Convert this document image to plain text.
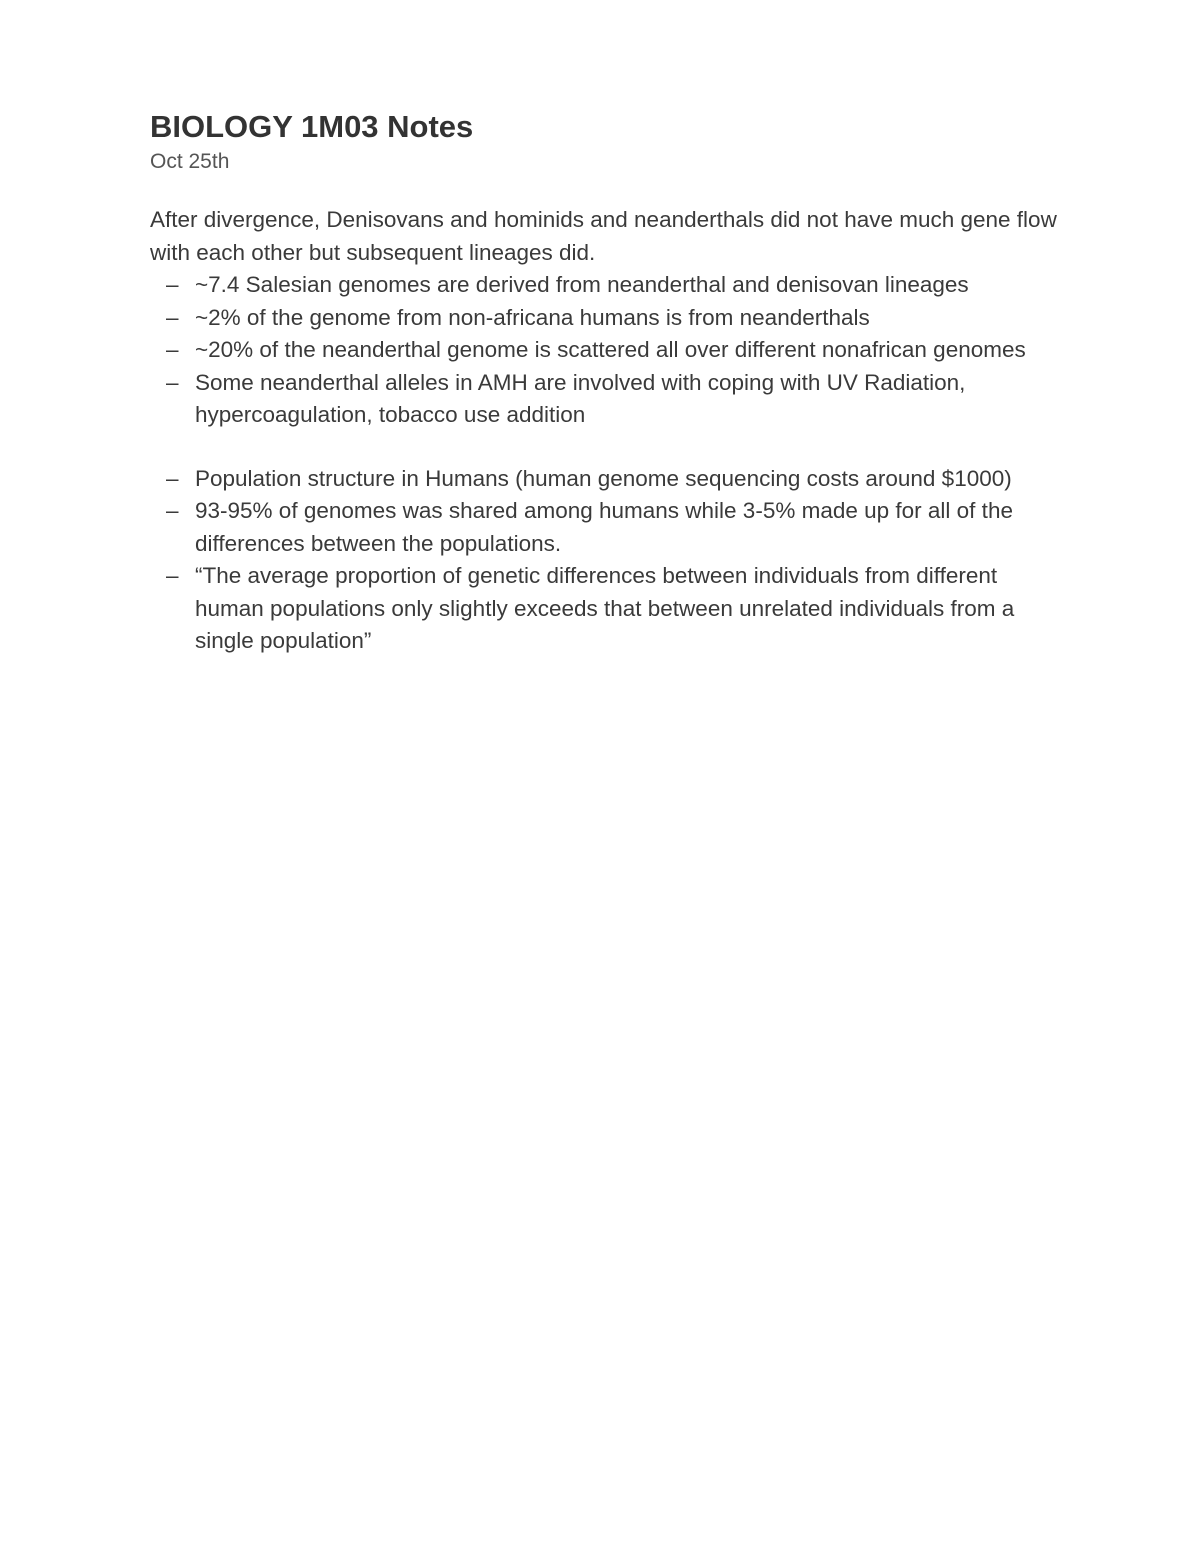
BIOLOGY 1M03 Notes
Oct 25th
After divergence, Denisovans and hominids and neanderthals did not have much gene flow with each other but subsequent lineages did.
– ~7.4 Salesian genomes are derived from neanderthal and denisovan lineages
– ~2% of the genome from non-africana humans is from neanderthals
– ~20% of the neanderthal genome is scattered all over different nonafrican genomes
– Some neanderthal alleles in AMH are involved with coping with UV Radiation, hypercoagulation, tobacco use addition
– Population structure in Humans (human genome sequencing costs around $1000)
– 93-95% of genomes was shared among humans while 3-5% made up for all of the differences between the populations.
– “The average proportion of genetic differences between individuals from different human populations only slightly exceeds that between unrelated individuals from a single population”
